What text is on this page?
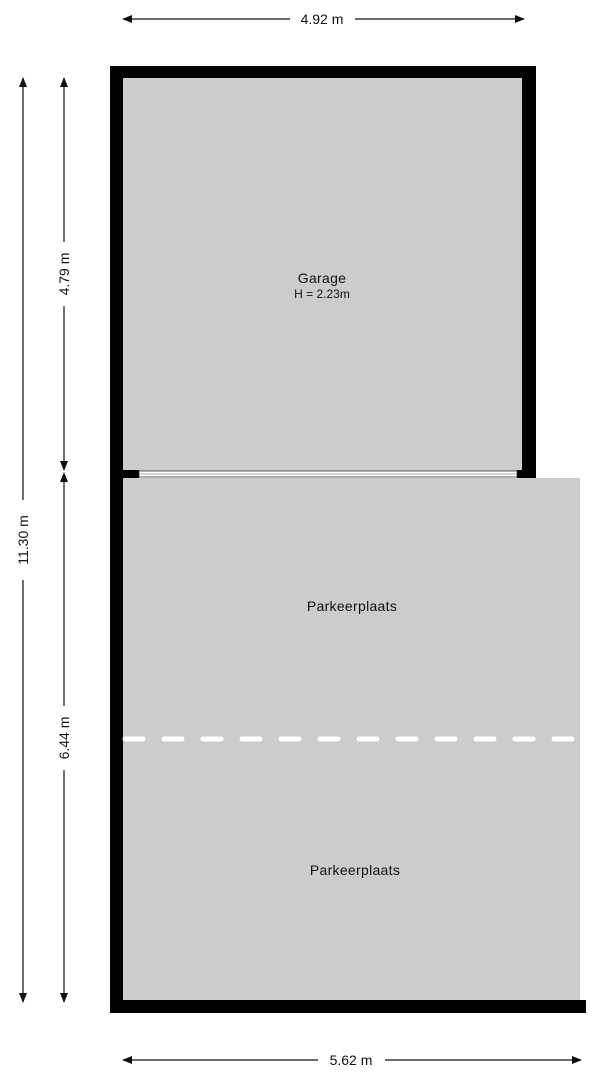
Garage
H = 2.23m
Parkeerplaats
Parkeerplaats
4.92 m
5.62 m
11.30 m
4.79 m
6.44 m
